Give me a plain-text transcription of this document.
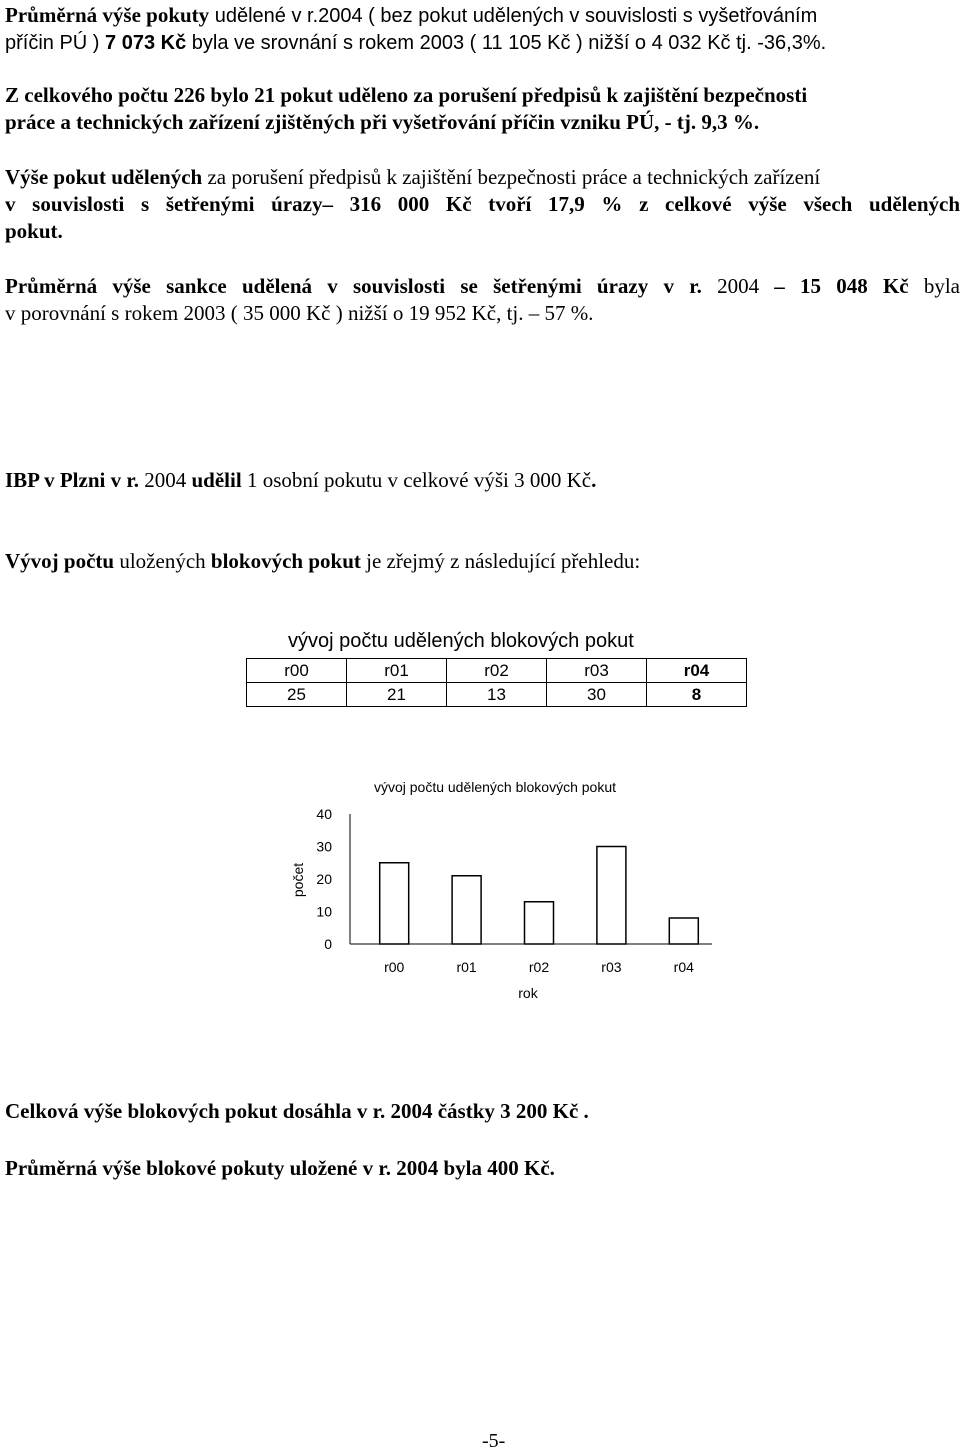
Průměrná výše pokuty udělené v r.2004 ( bez pokut udělených v souvislosti s vyšetřováním
příčin PÚ ) 7 073 Kč byla ve srovnání s rokem 2003 ( 11 105 Kč ) nižší o 4 032 Kč tj. -36,3%.
Z celkového počtu 226 bylo 21 pokut uděleno za porušení předpisů k zajištění bezpečnosti
práce a technických zařízení zjištěných při vyšetřování příčin vzniku PÚ, - tj. 9,3 %.
Výše pokut udělených za porušení předpisů k zajištění bezpečnosti práce a technických zařízení
v souvislosti s šetřenými úrazy– 316 000 Kč tvoří 17,9 % z celkové výše všech udělených
pokut.
Průměrná výše sankce udělená v souvislosti se šetřenými úrazy v r. 2004 – 15 048 Kč byla
v porovnání s rokem 2003 ( 35 000 Kč ) nižší o 19 952 Kč, tj. – 57 %.
IBP v Plzni v r. 2004 udělil 1 osobní pokutu v celkové výši 3 000 Kč.
Vývoj počtu uložených blokových pokut je zřejmý z následující přehledu:
vývoj počtu udělených blokových pokut
r00	r01	r02	r03	r04
25	21	13	30	8
vývoj počtu udělených blokových pokut
0
10
20
30
40
r00	r01	r02	r03	r04
rok
počet
Celková výše blokových pokut dosáhla v r. 2004 částky 3 200 Kč .
Průměrná výše blokové pokuty uložené v r. 2004 byla 400 Kč.
-5-
